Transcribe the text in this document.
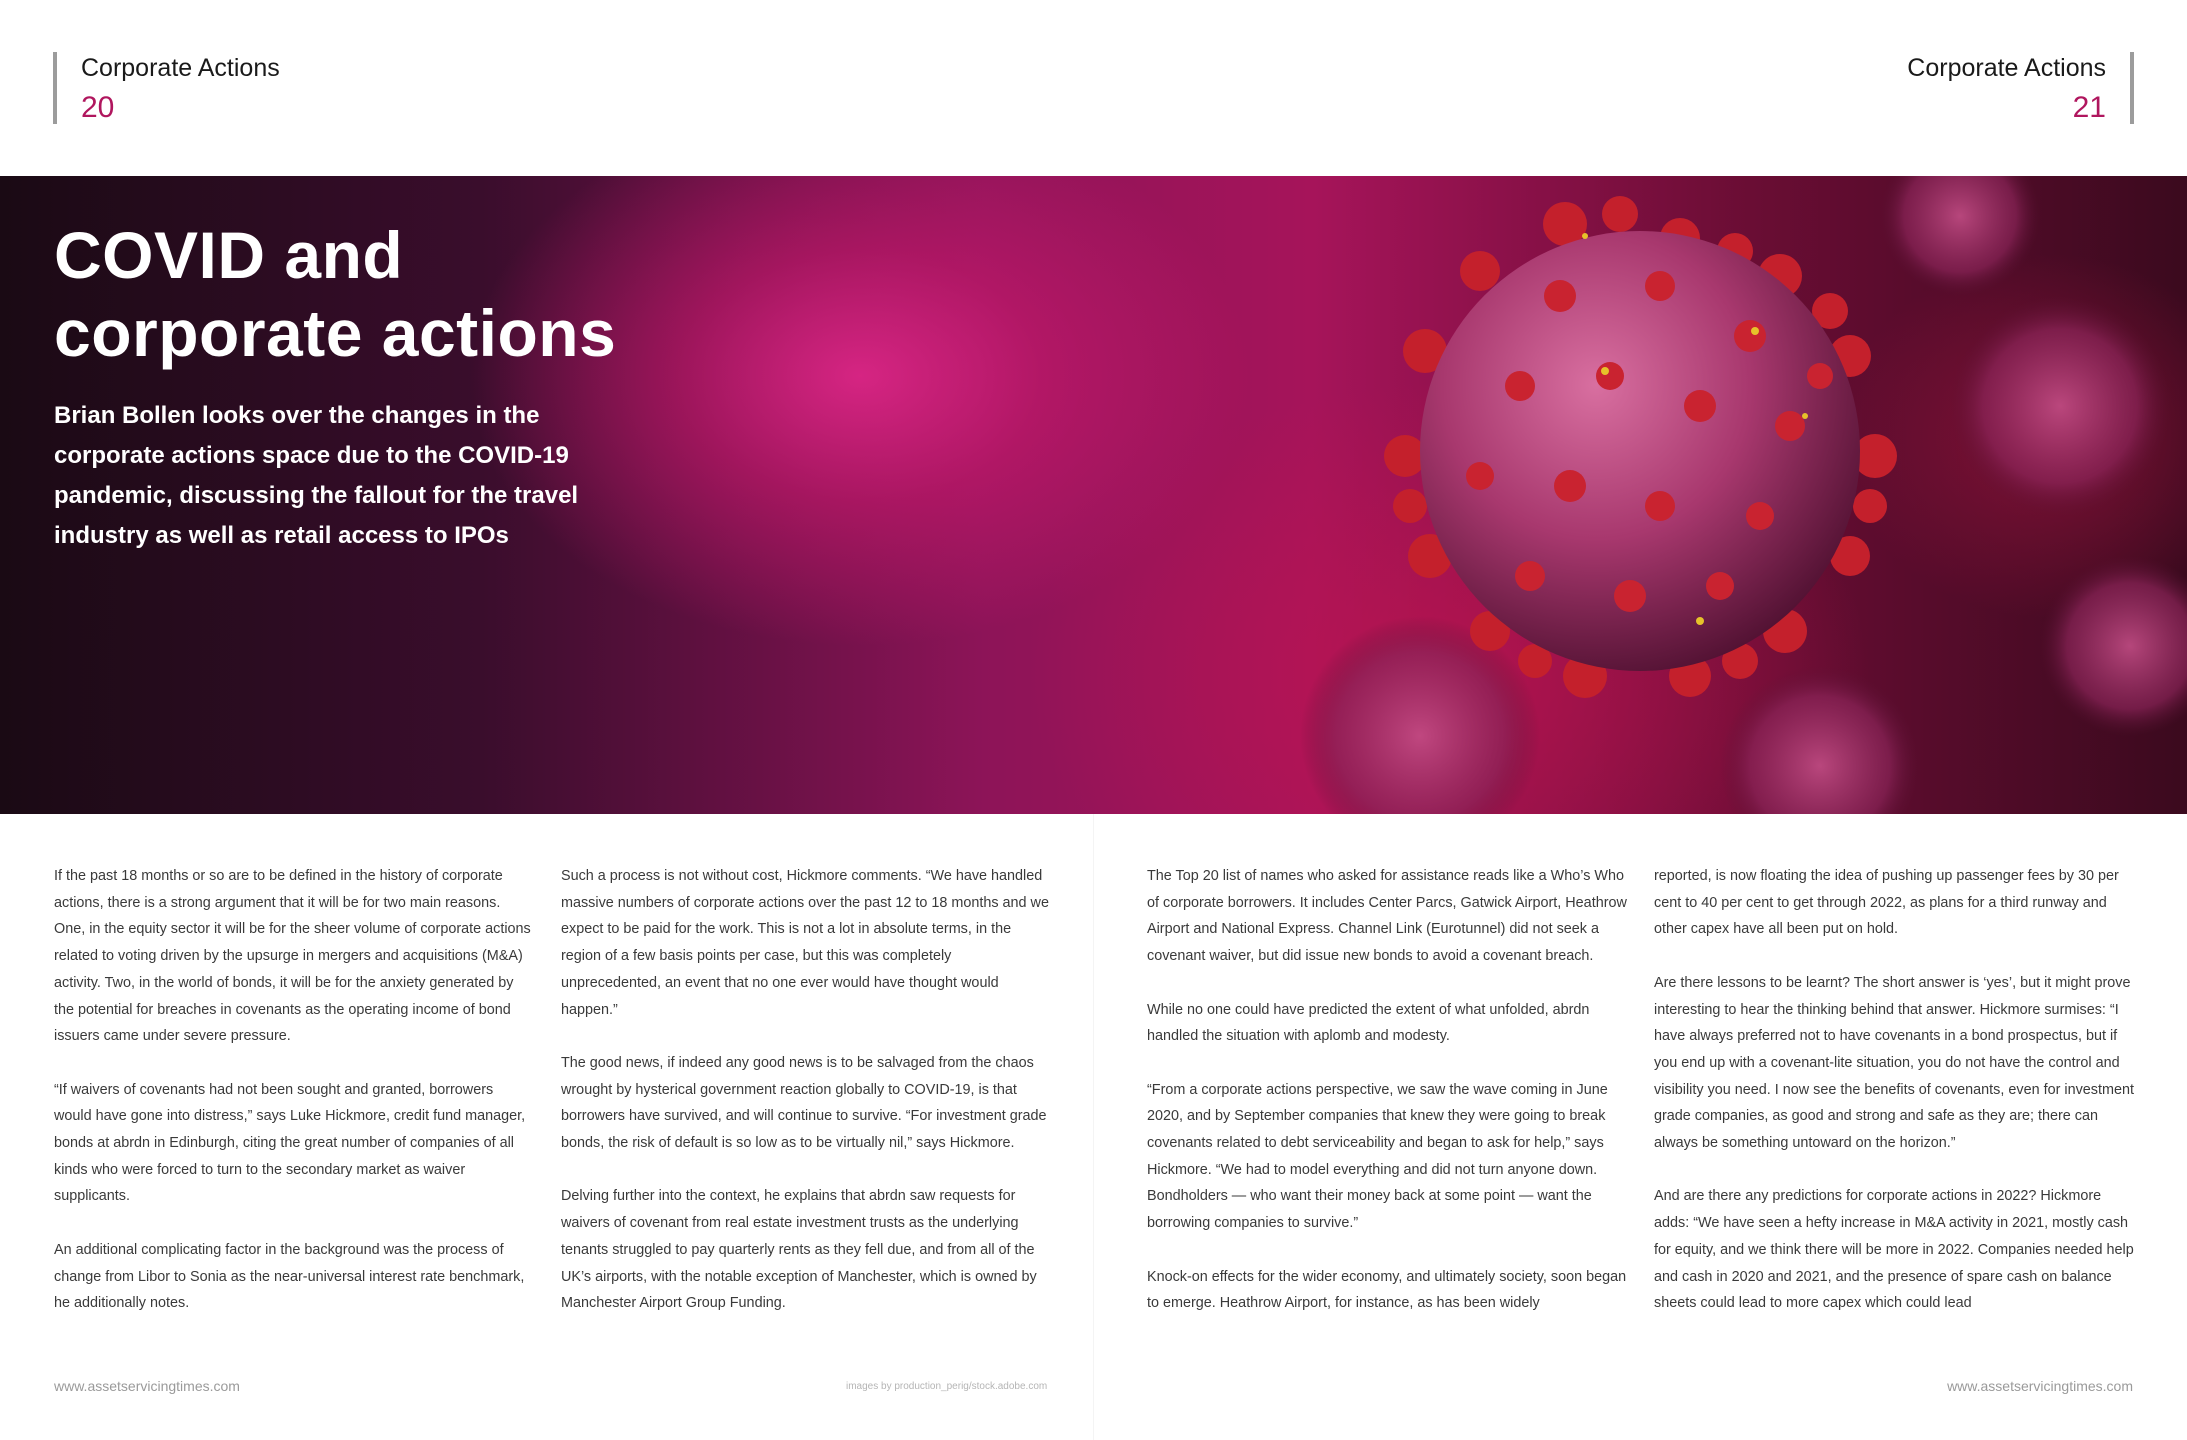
Corporate Actions
20
Corporate Actions
21
COVID and
corporate actions
Brian Bollen looks over the changes in the corporate actions space due to the COVID-19 pandemic, discussing the fallout for the travel industry as well as retail access to IPOs

If the past 18 months or so are to be defined in the history of corporate actions, there is a strong argument that it will be for two main reasons. One, in the equity sector it will be for the sheer volume of corporate actions related to voting driven by the upsurge in mergers and acquisitions (M&A) activity. Two, in the world of bonds, it will be for the anxiety generated by the potential for breaches in covenants as the operating income of bond issuers came under severe pressure.

“If waivers of covenants had not been sought and granted, borrowers would have gone into distress,” says Luke Hickmore, credit fund manager, bonds at abrdn in Edinburgh, citing the great number of companies of all kinds who were forced to turn to the secondary market as waiver supplicants.

An additional complicating factor in the background was the process of change from Libor to Sonia as the near-universal interest rate benchmark, he additionally notes.

Such a process is not without cost, Hickmore comments. “We have handled massive numbers of corporate actions over the past 12 to 18 months and we expect to be paid for the work. This is not a lot in absolute terms, in the region of a few basis points per case, but this was completely unprecedented, an event that no one ever would have thought would happen.”

The good news, if indeed any good news is to be salvaged from the chaos wrought by hysterical government reaction globally to COVID-19, is that borrowers have survived, and will continue to survive. “For investment grade bonds, the risk of default is so low as to be virtually nil,” says Hickmore.

Delving further into the context, he explains that abrdn saw requests for waivers of covenant from real estate investment trusts as the underlying tenants struggled to pay quarterly rents as they fell due, and from all of the UK’s airports, with the notable exception of Manchester, which is owned by Manchester Airport Group Funding.

The Top 20 list of names who asked for assistance reads like a Who’s Who of corporate borrowers. It includes Center Parcs, Gatwick Airport, Heathrow Airport and National Express. Channel Link (Eurotunnel) did not seek a covenant waiver, but did issue new bonds to avoid a covenant breach.

While no one could have predicted the extent of what unfolded, abrdn handled the situation with aplomb and modesty.

“From a corporate actions perspective, we saw the wave coming in June 2020, and by September companies that knew they were going to break covenants related to debt serviceability and began to ask for help,” says Hickmore. “We had to model everything and did not turn anyone down. Bondholders — who want their money back at some point — want the borrowing companies to survive.”

Knock-on effects for the wider economy, and ultimately society, soon began to emerge. Heathrow Airport, for instance, as has been widely

reported, is now floating the idea of pushing up passenger fees by 30 per cent to 40 per cent to get through 2022, as plans for a third runway and other capex have all been put on hold.

Are there lessons to be learnt? The short answer is ‘yes’, but it might prove interesting to hear the thinking behind that answer. Hickmore surmises: “I have always preferred not to have covenants in a bond prospectus, but if you end up with a covenant-lite situation, you do not have the control and visibility you need. I now see the benefits of covenants, even for investment grade companies, as good and strong and safe as they are; there can always be something untoward on the horizon.”

And are there any predictions for corporate actions in 2022? Hickmore adds: “We have seen a hefty increase in M&A activity in 2021, mostly cash for equity, and we think there will be more in 2022. Companies needed help and cash in 2020 and 2021, and the presence of spare cash on balance sheets could lead to more capex which could lead

www.assetservicingtimes.com	images by production_perig/stock.adobe.com	www.assetservicingtimes.com
